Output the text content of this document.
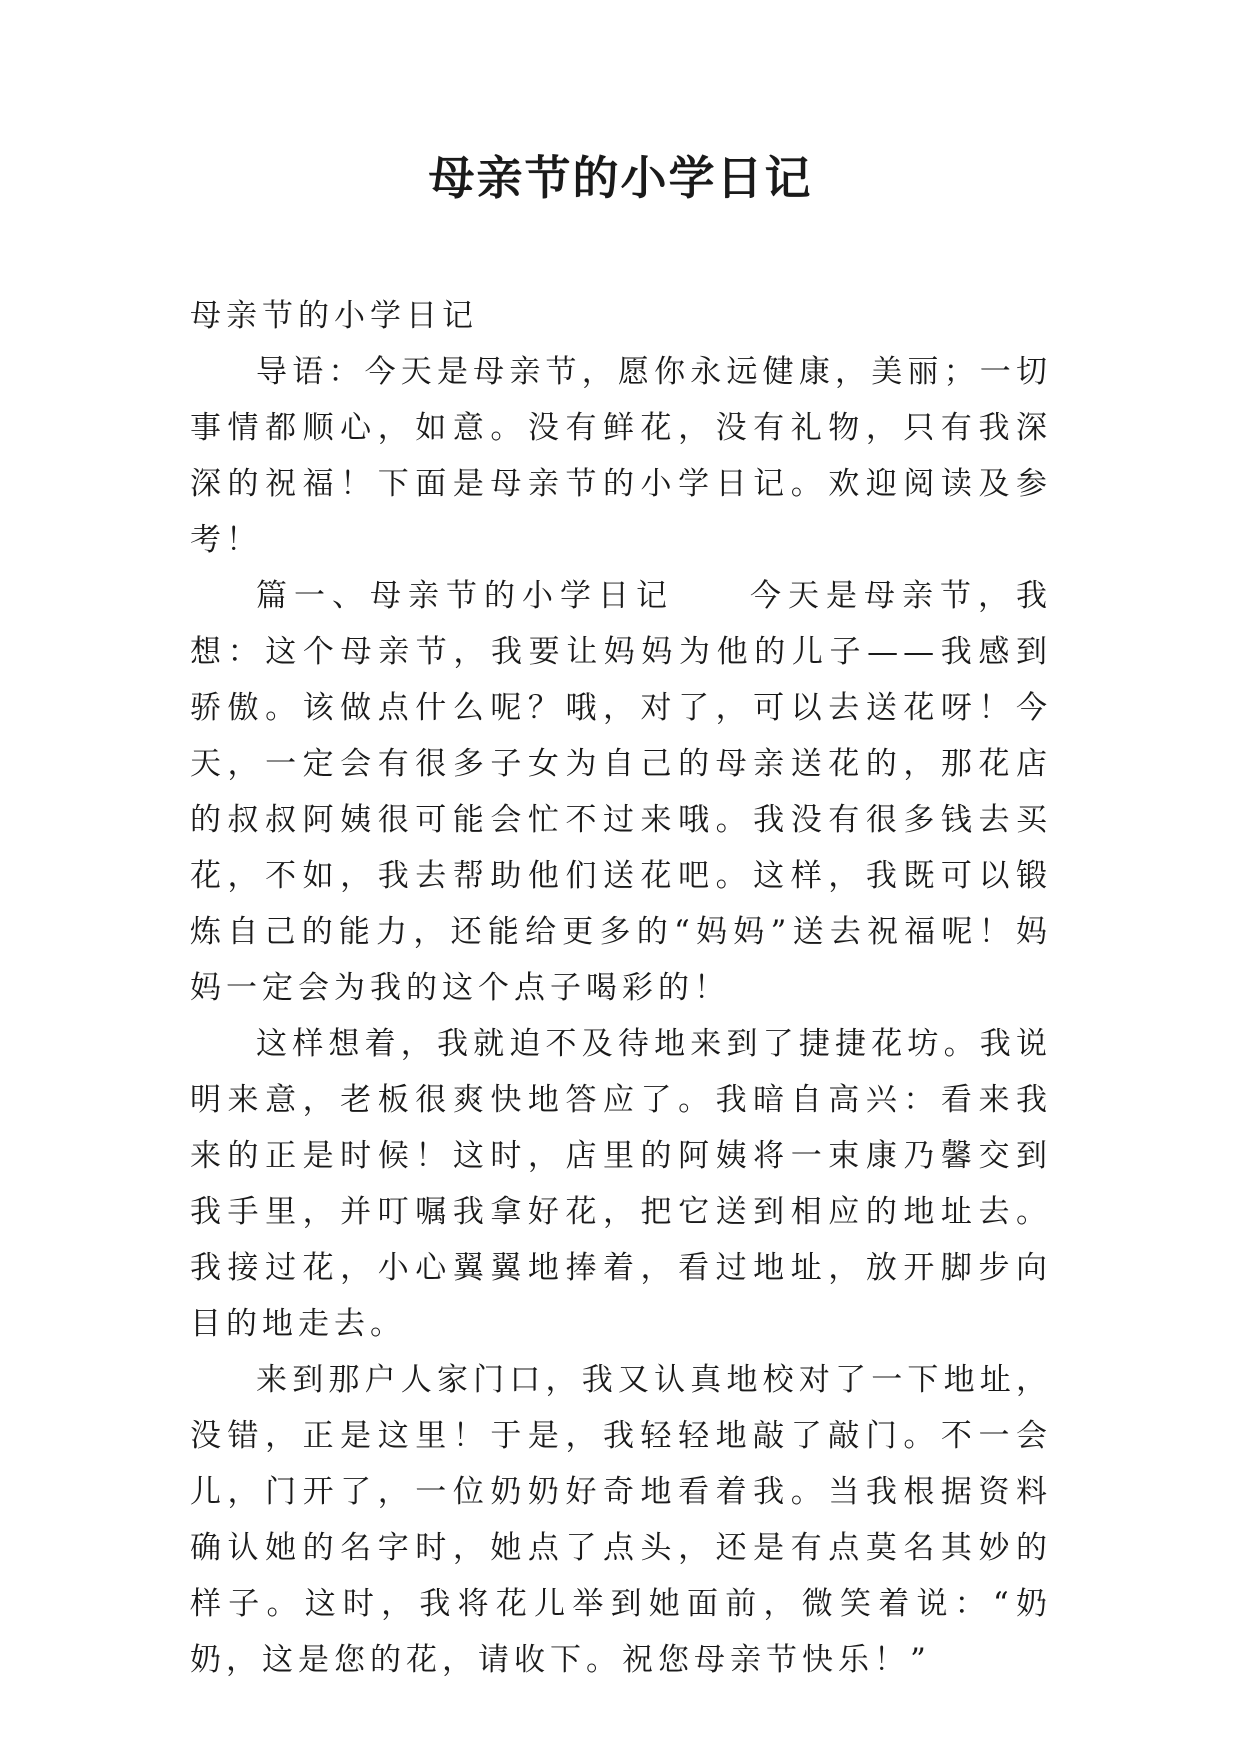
母亲节的小学日记

母亲节的小学日记

导语：今天是母亲节，愿你永远健康，美丽；一切事情都顺心，如意。没有鲜花，没有礼物，只有我深深的祝福！下面是母亲节的小学日记。欢迎阅读及参考！

篇一、母亲节的小学日记　　今天是母亲节，我想：这个母亲节，我要让妈妈为他的儿子——我感到骄傲。该做点什么呢？哦，对了，可以去送花呀！今天，一定会有很多子女为自己的母亲送花的，那花店的叔叔阿姨很可能会忙不过来哦。我没有很多钱去买花，不如，我去帮助他们送花吧。这样，我既可以锻炼自己的能力，还能给更多的“妈妈”送去祝福呢！妈妈一定会为我的这个点子喝彩的！

这样想着，我就迫不及待地来到了捷捷花坊。我说明来意，老板很爽快地答应了。我暗自高兴：看来我来的正是时候！这时，店里的阿姨将一束康乃馨交到我手里，并叮嘱我拿好花，把它送到相应的地址去。我接过花，小心翼翼地捧着，看过地址，放开脚步向目的地走去。

来到那户人家门口，我又认真地校对了一下地址，没错，正是这里！于是，我轻轻地敲了敲门。不一会儿，门开了，一位奶奶好奇地看着我。当我根据资料确认她的名字时，她点了点头，还是有点莫名其妙的样子。这时，我将花儿举到她面前，微笑着说：“奶奶，这是您的花，请收下。祝您母亲节快乐！”
